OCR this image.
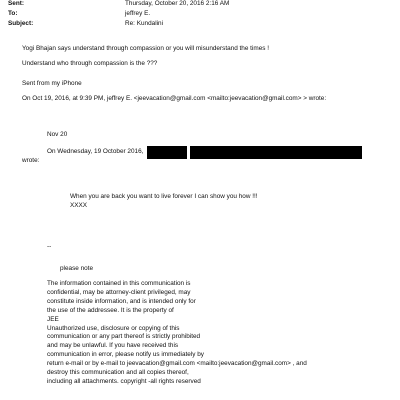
Sent:	Thursday, October 20, 2016 2:16 AM
To:	jeffrey E.
Subject:	Re: Kundalini
Yogi Bhajan says understand through compassion or you will misunderstand the times !
Understand who through compassion is the ???
Sent from my iPhone
On Oct 19, 2016, at 9:39 PM, jeffrey E. <jeevacation@gmail.com <mailto:jeevacation@gmail.com> > wrote:
Nov 20
On Wednesday, 19 October 2016,
wrote:
When you are back you want to live forever I can show you how !!!
XXXX
--
please note
The information contained in this communication is
confidential, may be attorney-client privileged, may
constitute inside information, and is intended only for
the use of the addressee. It is the property of
JEE
Unauthorized use, disclosure or copying of this
communication or any part thereof is strictly prohibited
and may be unlawful. If you have received this
communication in error, please notify us immediately by
return e-mail or by e-mail to jeevacation@gmail.com <mailto:jeevacation@gmail.com> , and
destroy this communication and all copies thereof,
including all attachments. copyright -all rights reserved
